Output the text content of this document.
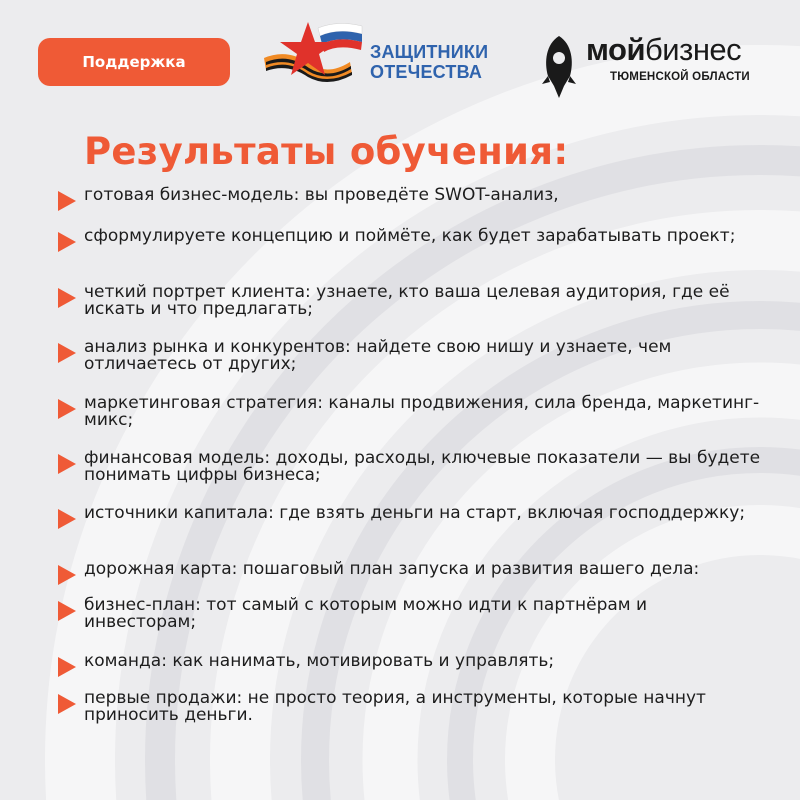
Поддержка	ЗАЩИТНИКИ
ОТЕЧЕСТВА
мойбизнес
ТЮМЕНСКОЙ ОБЛАСТИ
Результаты обучения:
готовая бизнес-модель: вы проведёте SWOT-анализ,
сформулируете концепцию и поймёте, как будет зарабатывать проект;
четкий портрет клиента: узнаете, кто ваша целевая аудитория, где её искать и что предлагать;
анализ рынка и конкурентов: найдете свою нишу и узнаете, чем отличаетесь от других;
маркетинговая стратегия: каналы продвижения, сила бренда, маркетинг-микс;
финансовая модель: доходы, расходы, ключевые показатели — вы будете понимать цифры бизнеса;
источники капитала: где взять деньги на старт, включая господдержку;
дорожная карта: пошаговый план запуска и развития вашего дела:
бизнес-план: тот самый с которым можно идти к партнёрам и инвесторам;
команда: как нанимать, мотивировать и управлять;
первые продажи: не просто теория, а инструменты, которые начнут приносить деньги.
